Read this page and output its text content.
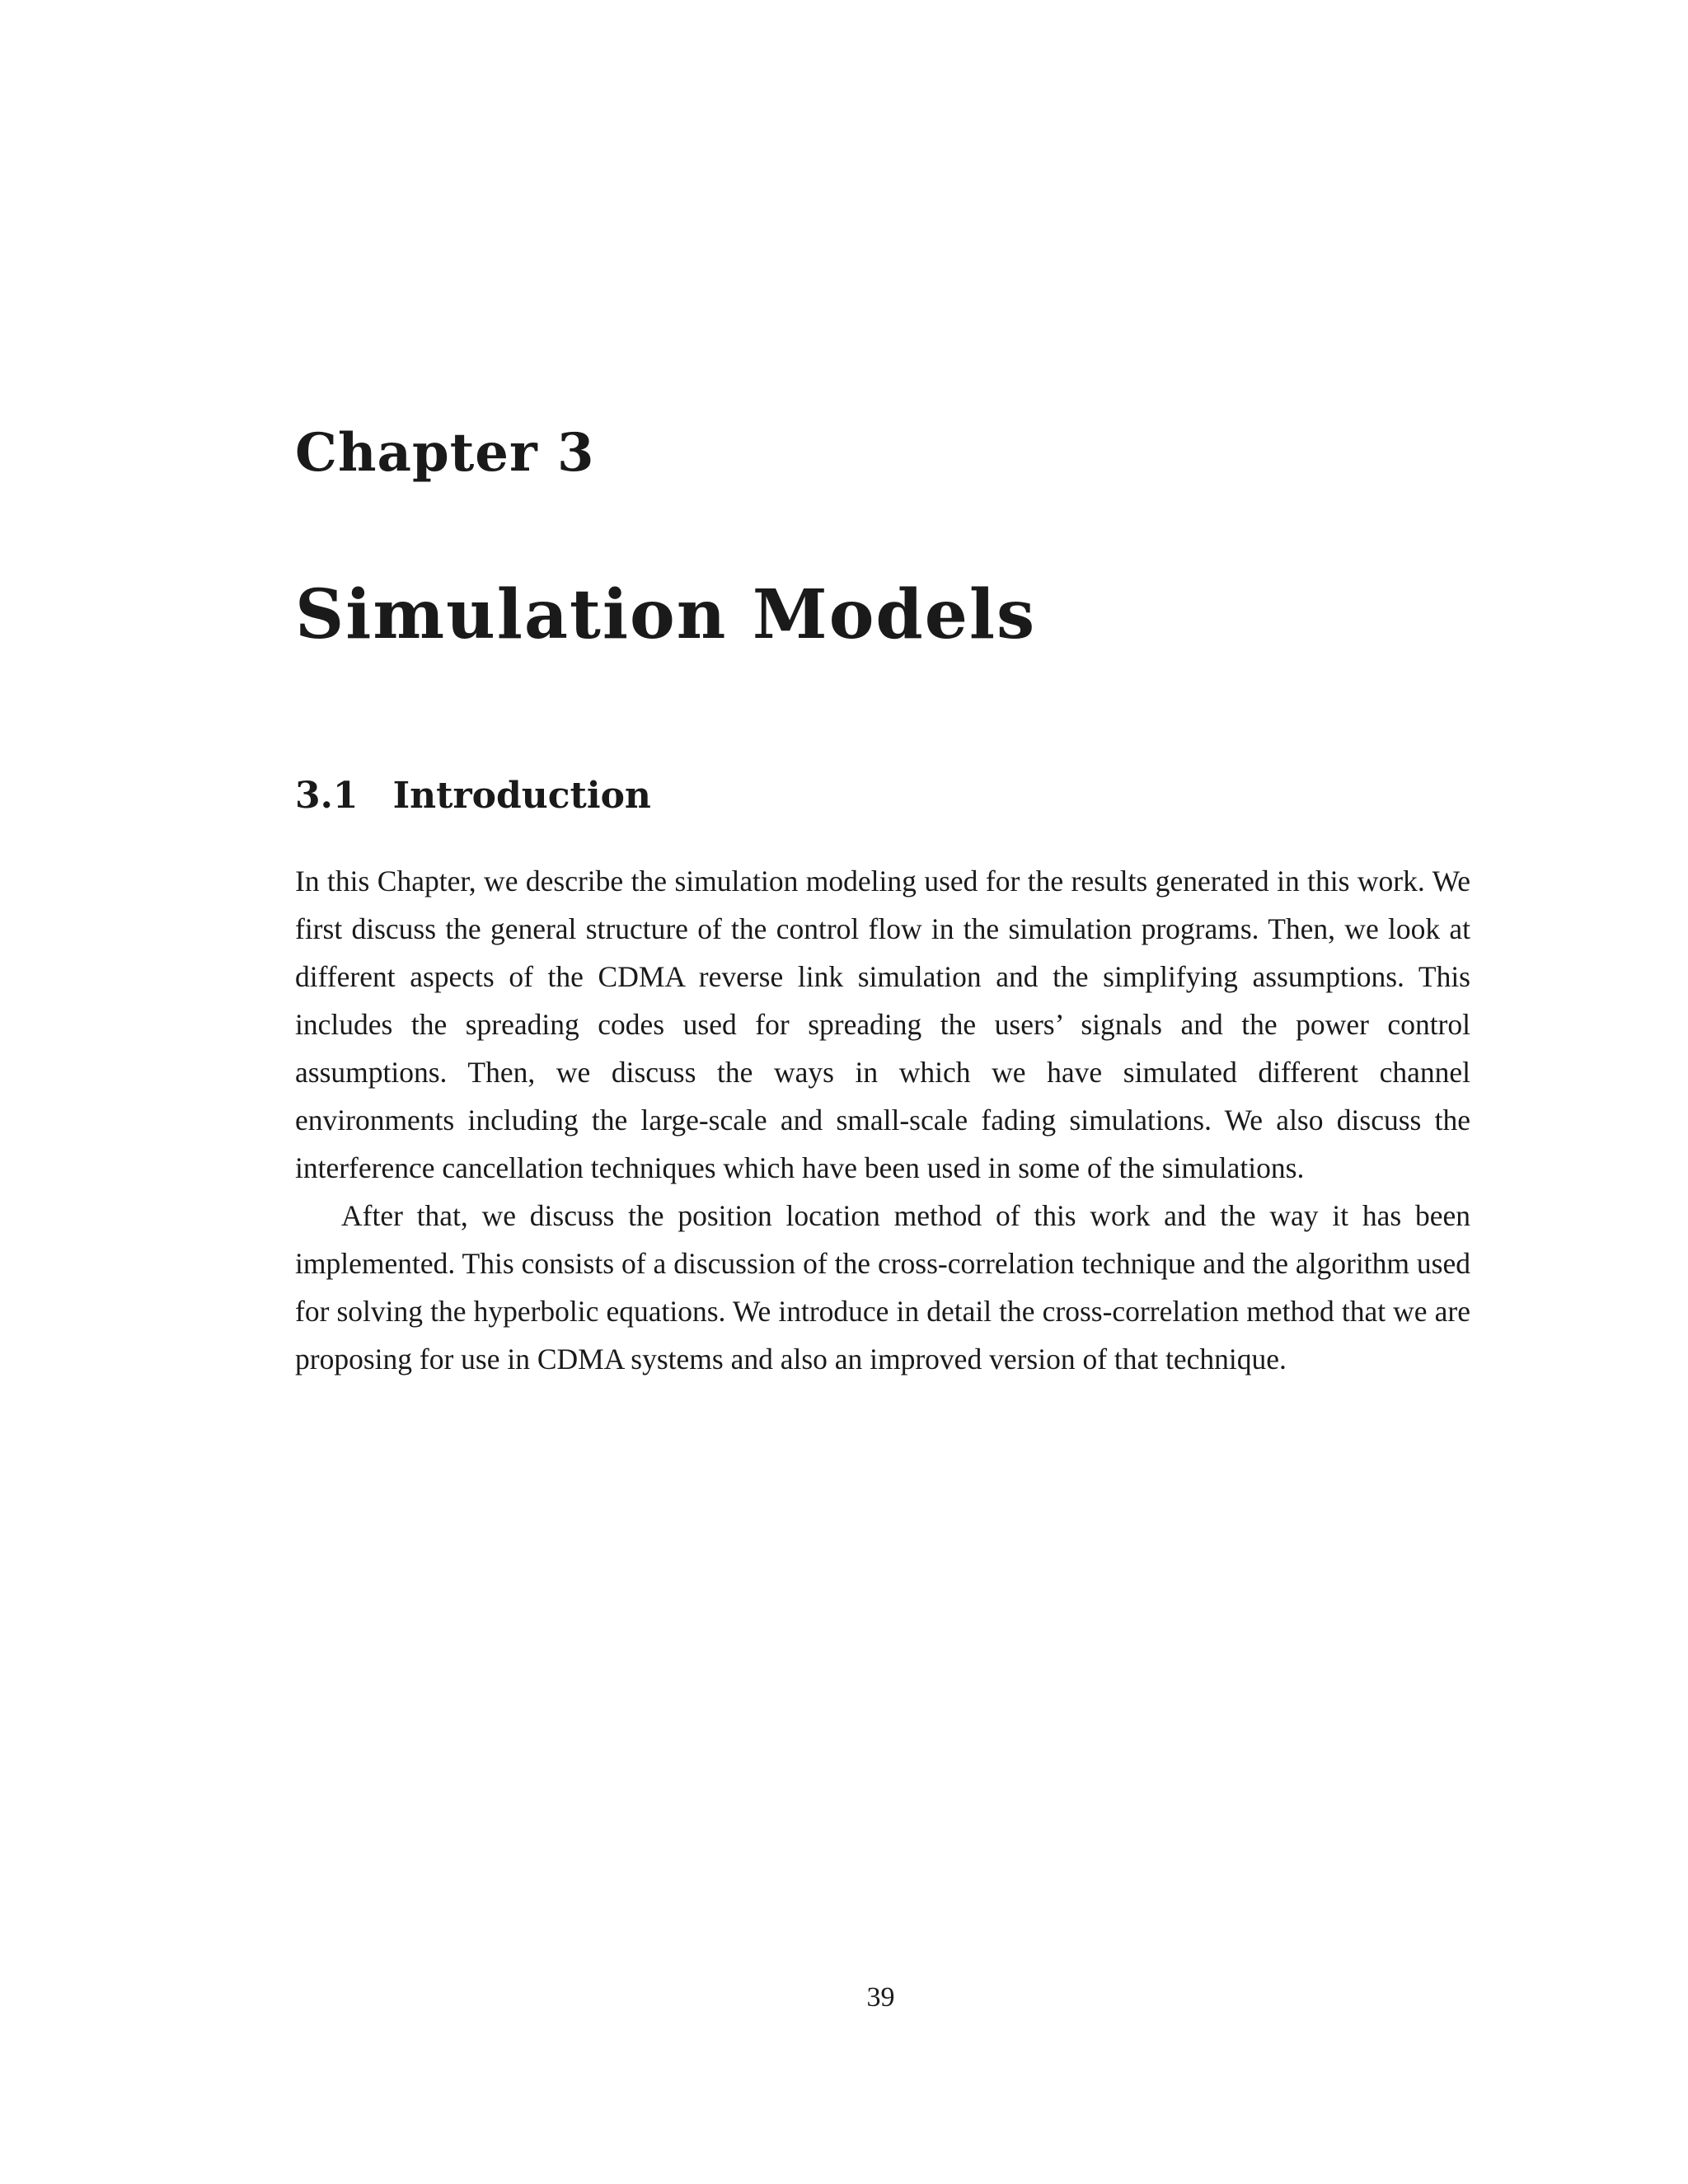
Chapter 3
Simulation Models
3.1 Introduction

In this Chapter, we describe the simulation modeling used for the results generated in this work. We first discuss the general structure of the control flow in the simulation programs. Then, we look at different aspects of the CDMA reverse link simulation and the simplifying assumptions. This includes the spreading codes used for spreading the users’ signals and the power control assumptions. Then, we discuss the ways in which we have simulated different channel environments including the large-scale and small-scale fading simulations. We also discuss the interference cancellation techniques which have been used in some of the simulations.

After that, we discuss the position location method of this work and the way it has been implemented. This consists of a discussion of the cross-correlation technique and the algorithm used for solving the hyperbolic equations. We introduce in detail the cross-correlation method that we are proposing for use in CDMA systems and also an improved version of that technique.

39
